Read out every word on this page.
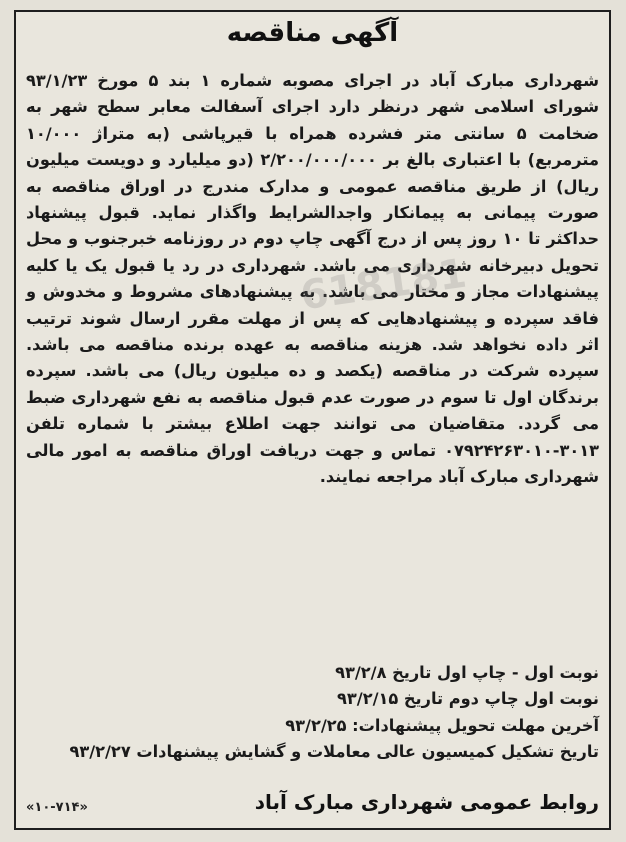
آگهی مناقصه

شهرداری مبارک آباد در اجرای مصوبه شماره ۱ بند ۵ مورخ ۹۳/۱/۲۳ شورای اسلامی شهر درنظر دارد اجرای آسفالت معابر سطح شهر به ضخامت ۵ سانتی متر فشرده همراه با قیرپاشی (به متراژ ۱۰/۰۰۰ مترمربع) با اعتباری بالغ بر ۲/۲۰۰/۰۰۰/۰۰۰ (دو میلیارد و دویست میلیون ریال) از طریق مناقصه عمومی و مدارک مندرج در اوراق مناقصه به صورت پیمانی به پیمانکار واجدالشرایط واگذار نماید. قبول پیشنهاد حداکثر تا ۱۰ روز پس از درج آگهی چاپ دوم در روزنامه خبرجنوب و محل تحویل دبیرخانه شهرداری می باشد. شهرداری در رد یا قبول یک یا کلیه پیشنهادات مجاز و مختار می باشد. به پیشنهادهای مشروط و مخدوش و فاقد سپرده و پیشنهادهایی که پس از مهلت مقرر ارسال شوند ترتیب اثر داده نخواهد شد. هزینه مناقصه به عهده برنده مناقصه می باشد. سپرده شرکت در مناقصه (یکصد و ده میلیون ریال) می باشد. سپرده برندگان اول تا سوم در صورت عدم قبول مناقصه به نفع شهرداری ضبط می گردد. متقاضیان می توانند جهت اطلاع بیشتر با شماره تلفن ۳۰۱۳-۰۷۹۲۴۲۶۳۰۱۰ تماس و جهت دریافت اوراق مناقصه به امور مالی شهرداری مبارک آباد مراجعه نمایند.

نوبت اول - چاپ اول تاریخ ۹۳/۲/۸
نوبت اول چاپ دوم تاریخ ۹۳/۲/۱۵
آخرین مهلت تحویل پیشنهادات: ۹۳/۲/۲۵
تاریخ تشکیل کمیسیون عالی معاملات و گشایش پیشنهادات ۹۳/۲/۲۷
روابط عمومی شهرداری مبارک آباد
«۱۰-۷۱۴»
618181
